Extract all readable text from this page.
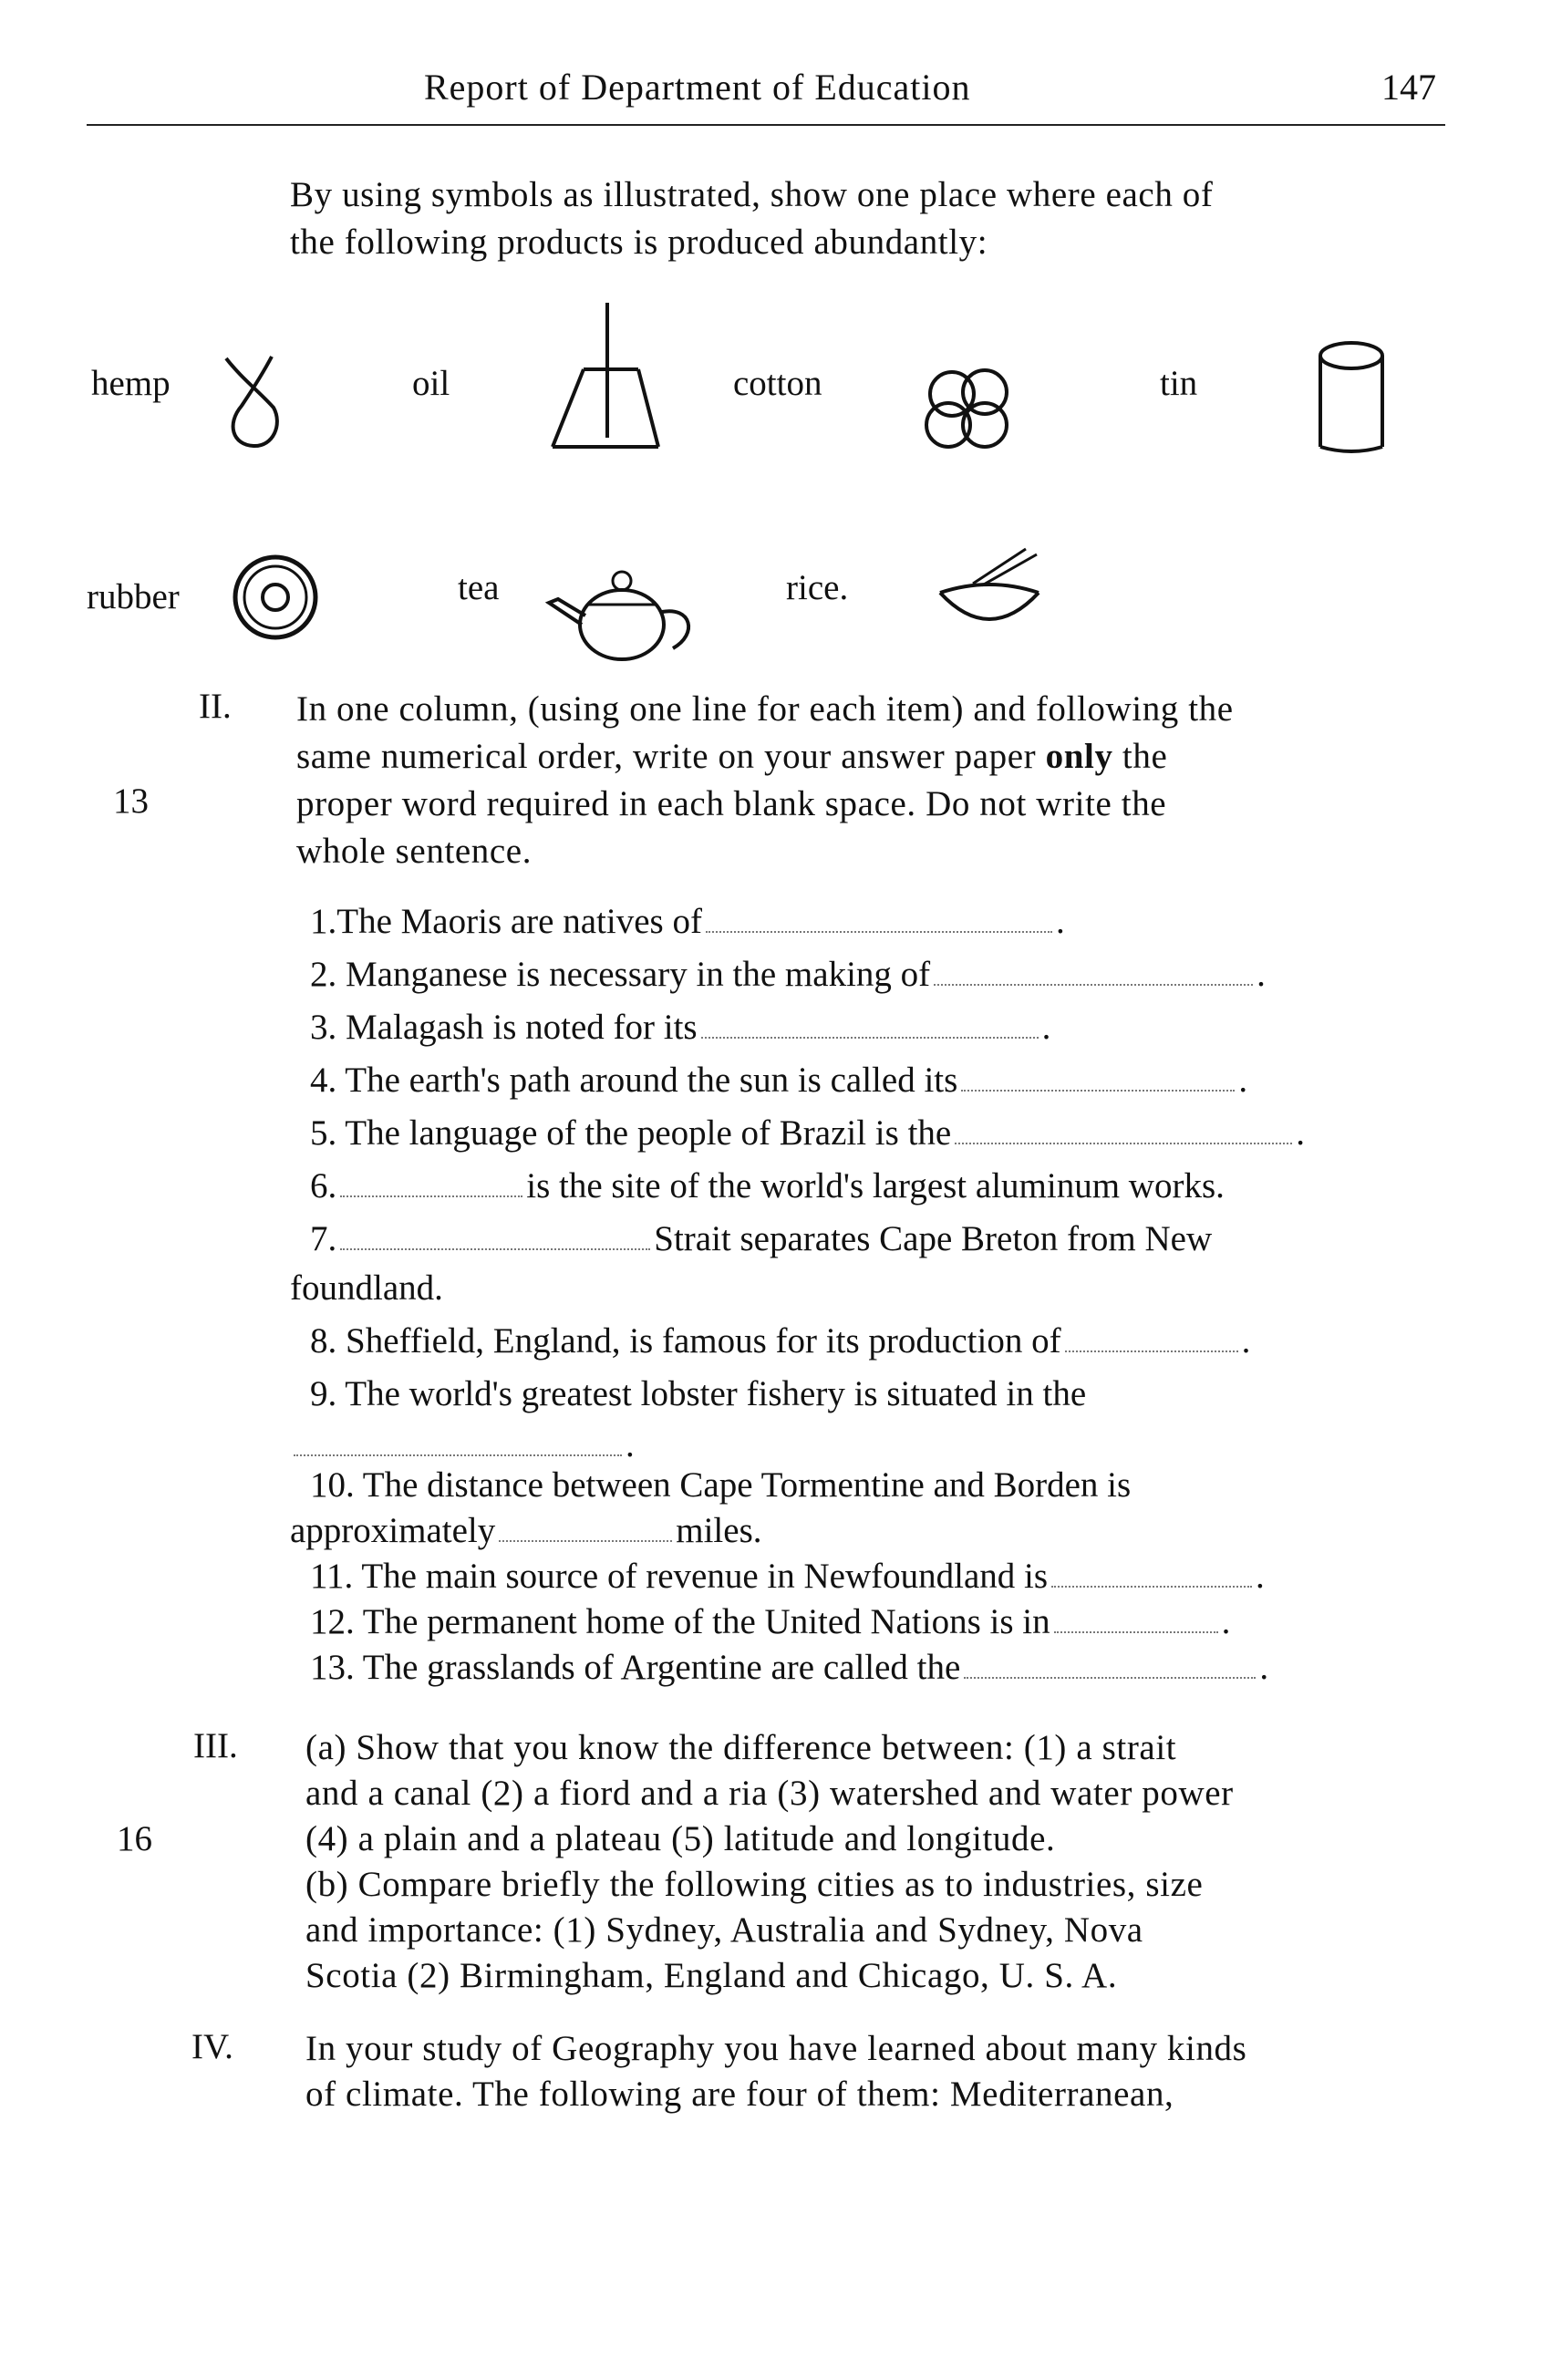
Report of Department of Education	147
By using symbols as illustrated, show one place where each of
the following products is produced abundantly:
hemp	oil	cotton	tin
rubber	tea	rice.
II.
13
In one column, (using one line for each item) and following the
same numerical order, write on your answer paper only the
proper word required in each blank space. Do not write the
whole sentence.
1.The Maoris are natives of	.
2. Manganese is necessary in the making of	.
3. Malagash is noted for its	.
4. The earth's path around the sun is called its	.
5. The language of the people of Brazil is the	.
6.	is the site of the world's largest aluminum works.
7.	Strait separates Cape Breton from New
foundland.
8. Sheffield, England, is famous for its production of	.
9. The world's greatest lobster fishery is situated in the
.
10. The distance between Cape Tormentine and Borden is
approximately	miles.
11. The main source of revenue in Newfoundland is	.
12. The permanent home of the United Nations is in	.
13. The grasslands of Argentine are called the	.
III.
16
(a) Show that you know the difference between: (1) a strait
and a canal (2) a fiord and a ria (3) watershed and water power
(4) a plain and a plateau (5) latitude and longitude.
(b) Compare briefly the following cities as to industries, size
and importance: (1) Sydney, Australia and Sydney, Nova
Scotia (2) Birmingham, England and Chicago, U. S. A.
IV. In your study of Geography you have learned about many kinds
of climate. The following are four of them: Mediterranean,
